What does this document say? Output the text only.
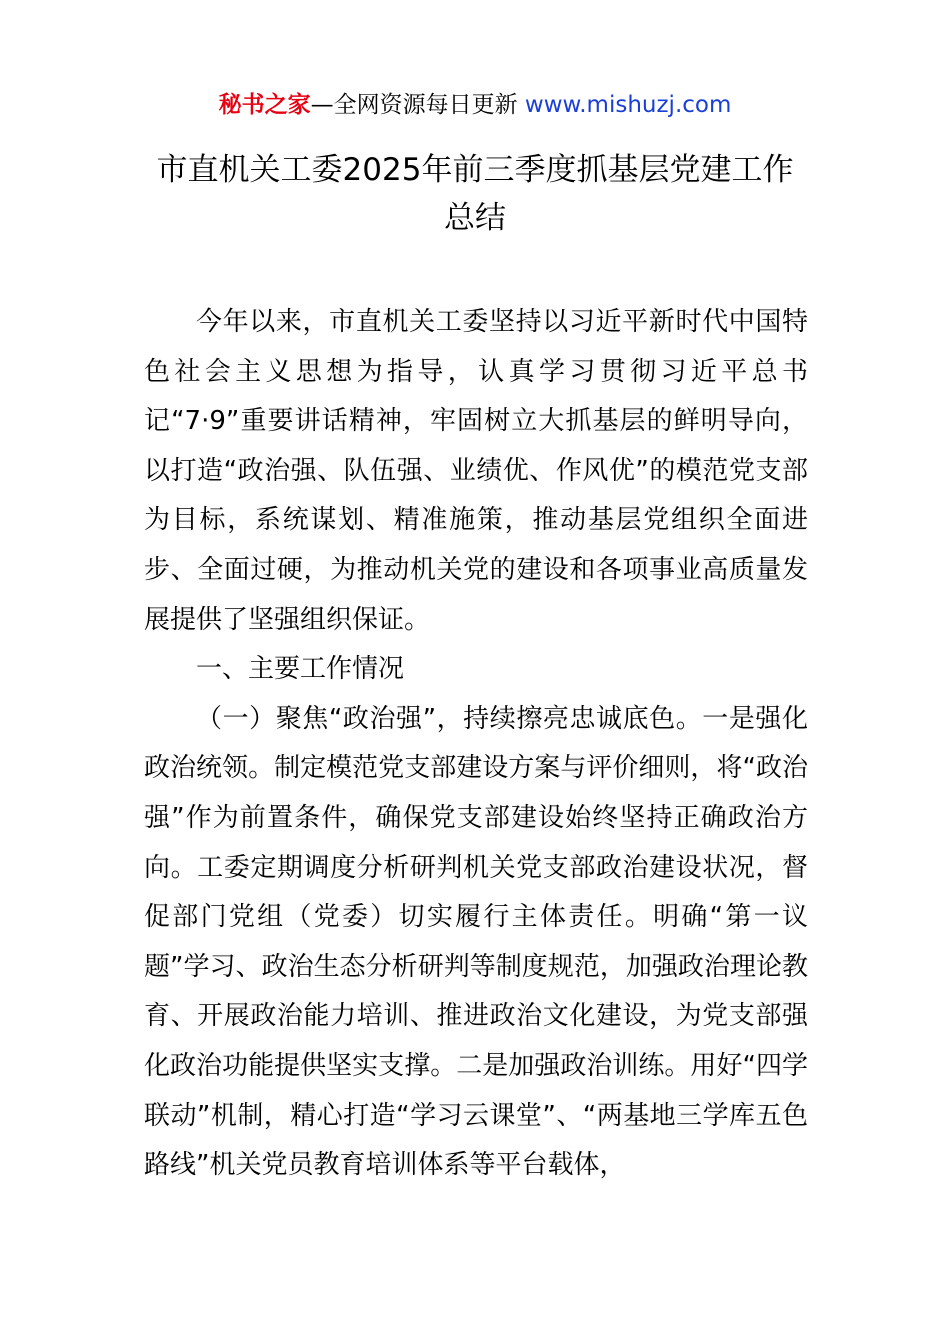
秘书之家—全网资源每日更新 www.mishuzj.com
市直机关工委2025年前三季度抓基层党建工作
总结

今年以来，市直机关工委坚持以习近平新时代中国特色社会主义思想为指导，认真学习贯彻习近平总书记“7·9”重要讲话精神，牢固树立大抓基层的鲜明导向，以打造“政治强、队伍强、业绩优、作风优”的模范党支部为目标，系统谋划、精准施策，推动基层党组织全面进步、全面过硬，为推动机关党的建设和各项事业高质量发展提供了坚强组织保证。

一、主要工作情况

（一）聚焦“政治强”，持续擦亮忠诚底色。一是强化政治统领。制定模范党支部建设方案与评价细则，将“政治强”作为前置条件，确保党支部建设始终坚持正确政治方向。工委定期调度分析研判机关党支部政治建设状况，督促部门党组（党委）切实履行主体责任。明确“第一议题”学习、政治生态分析研判等制度规范，加强政治理论教育、开展政治能力培训、推进政治文化建设，为党支部强化政治功能提供坚实支撑。二是加强政治训练。用好“四学联动”机制，精心打造“学习云课堂”、“两基地三学库五色路线”机关党员教育培训体系等平台载体，
